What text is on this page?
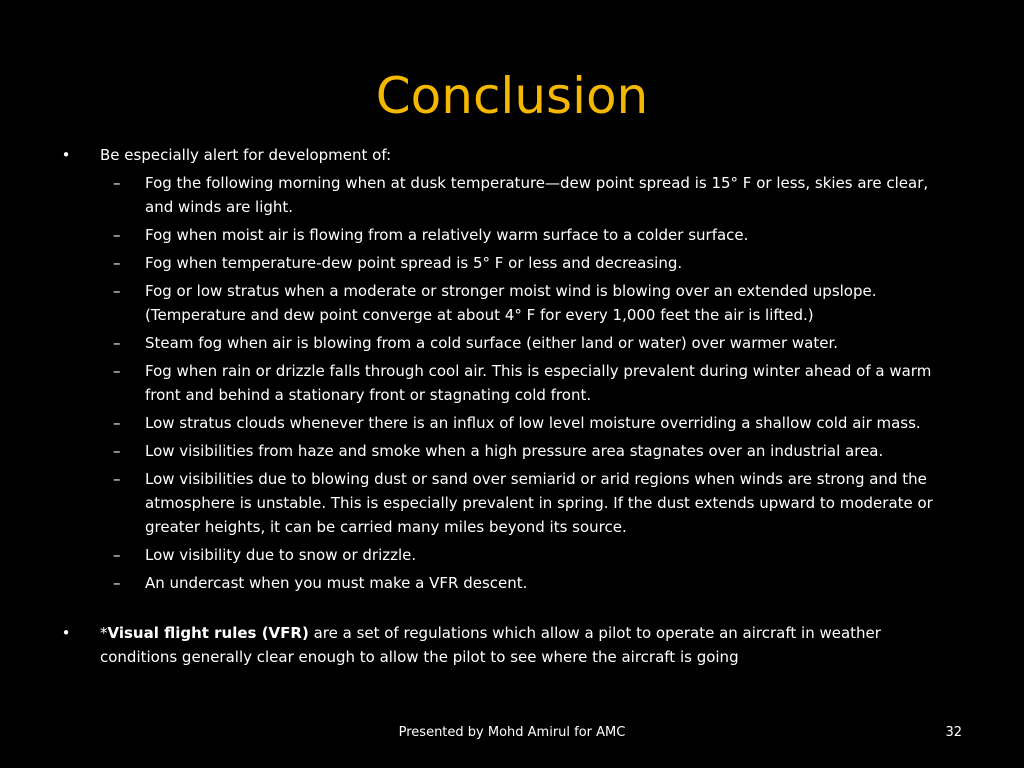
Conclusion
• Be especially alert for development of:
– Fog the following morning when at dusk temperature—dew point spread is 15° F or less, skies are clear, and winds are light.
– Fog when moist air is flowing from a relatively warm surface to a colder surface.
– Fog when temperature-dew point spread is 5° F or less and decreasing.
– Fog or low stratus when a moderate or stronger moist wind is blowing over an extended upslope. (Temperature and dew point converge at about 4° F for every 1,000 feet the air is lifted.)
– Steam fog when air is blowing from a cold surface (either land or water) over warmer water.
– Fog when rain or drizzle falls through cool air. This is especially prevalent during winter ahead of a warm front and behind a stationary front or stagnating cold front.
– Low stratus clouds whenever there is an influx of low level moisture overriding a shallow cold air mass.
– Low visibilities from haze and smoke when a high pressure area stagnates over an industrial area.
– Low visibilities due to blowing dust or sand over semiarid or arid regions when winds are strong and the atmosphere is unstable. This is especially prevalent in spring. If the dust extends upward to moderate or greater heights, it can be carried many miles beyond its source.
– Low visibility due to snow or drizzle.
– An undercast when you must make a VFR descent.
• *Visual flight rules (VFR) are a set of regulations which allow a pilot to operate an aircraft in weather conditions generally clear enough to allow the pilot to see where the aircraft is going
Presented by Mohd Amirul for AMC	32
